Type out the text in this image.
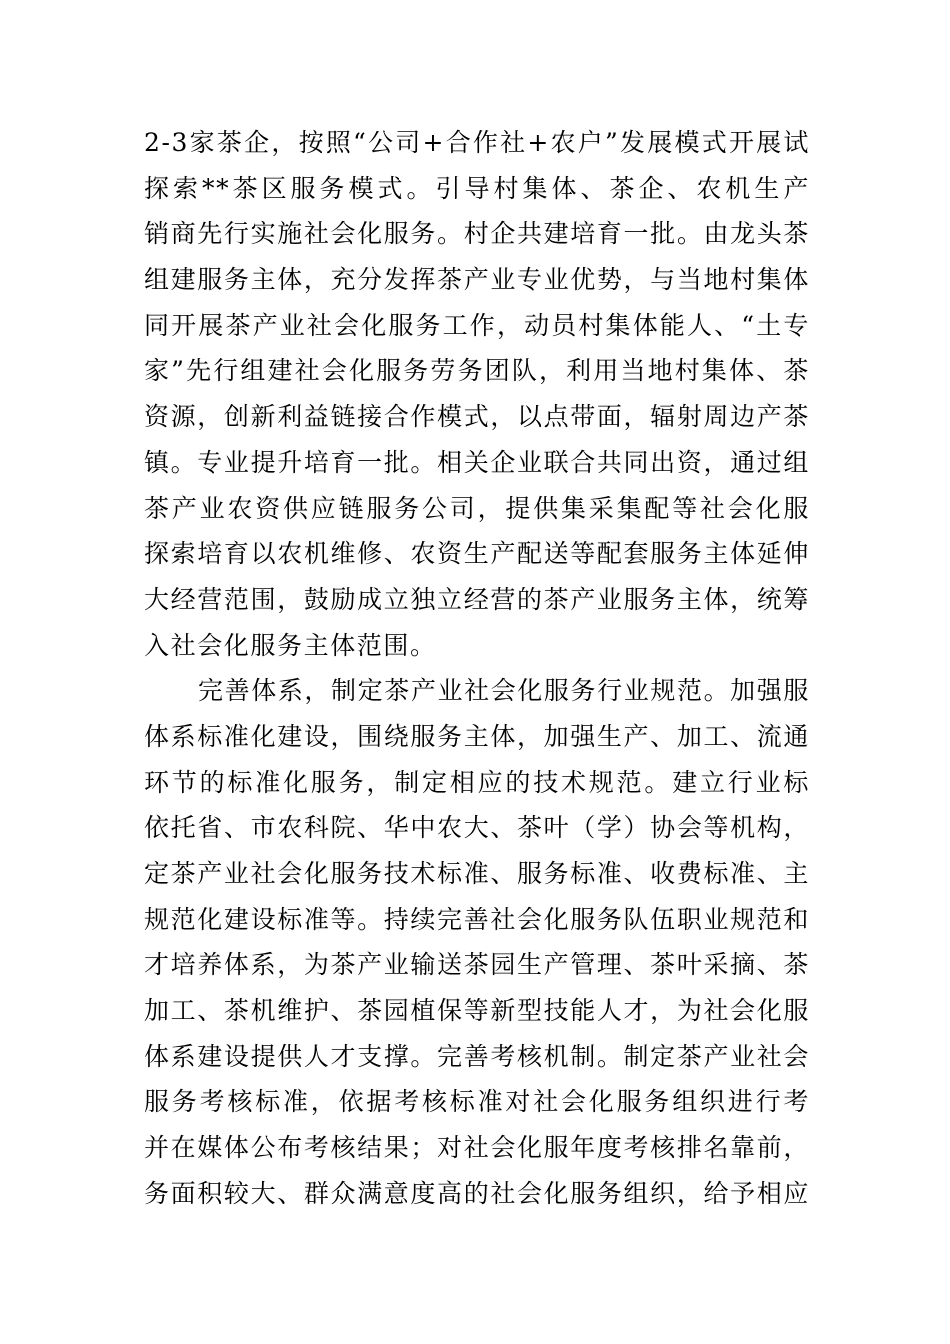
2-3家茶企，按照“公司+合作社+农户”发展模式开展试
探索**茶区服务模式。引导村集体、茶企、农机生产
销商先行实施社会化服务。村企共建培育一批。由龙头茶
组建服务主体，充分发挥茶产业专业优势，与当地村集体
同开展茶产业社会化服务工作，动员村集体能人、“土专
家”先行组建社会化服务劳务团队，利用当地村集体、茶
资源，创新利益链接合作模式，以点带面，辐射周边产茶
镇。专业提升培育一批。相关企业联合共同出资，通过组
茶产业农资供应链服务公司，提供集采集配等社会化服
探索培育以农机维修、农资生产配送等配套服务主体延伸
大经营范围，鼓励成立独立经营的茶产业服务主体，统筹
入社会化服务主体范围。
完善体系，制定茶产业社会化服务行业规范。加强服
体系标准化建设，围绕服务主体，加强生产、加工、流通
环节的标准化服务，制定相应的技术规范。建立行业标
依托省、市农科院、华中农大、茶叶（学）协会等机构，
定茶产业社会化服务技术标准、服务标准、收费标准、主
规范化建设标准等。持续完善社会化服务队伍职业规范和
才培养体系，为茶产业输送茶园生产管理、茶叶采摘、茶
加工、茶机维护、茶园植保等新型技能人才，为社会化服
体系建设提供人才支撑。完善考核机制。制定茶产业社会
服务考核标准，依据考核标准对社会化服务组织进行考
并在媒体公布考核结果；对社会化服年度考核排名靠前，
务面积较大、群众满意度高的社会化服务组织，给予相应
